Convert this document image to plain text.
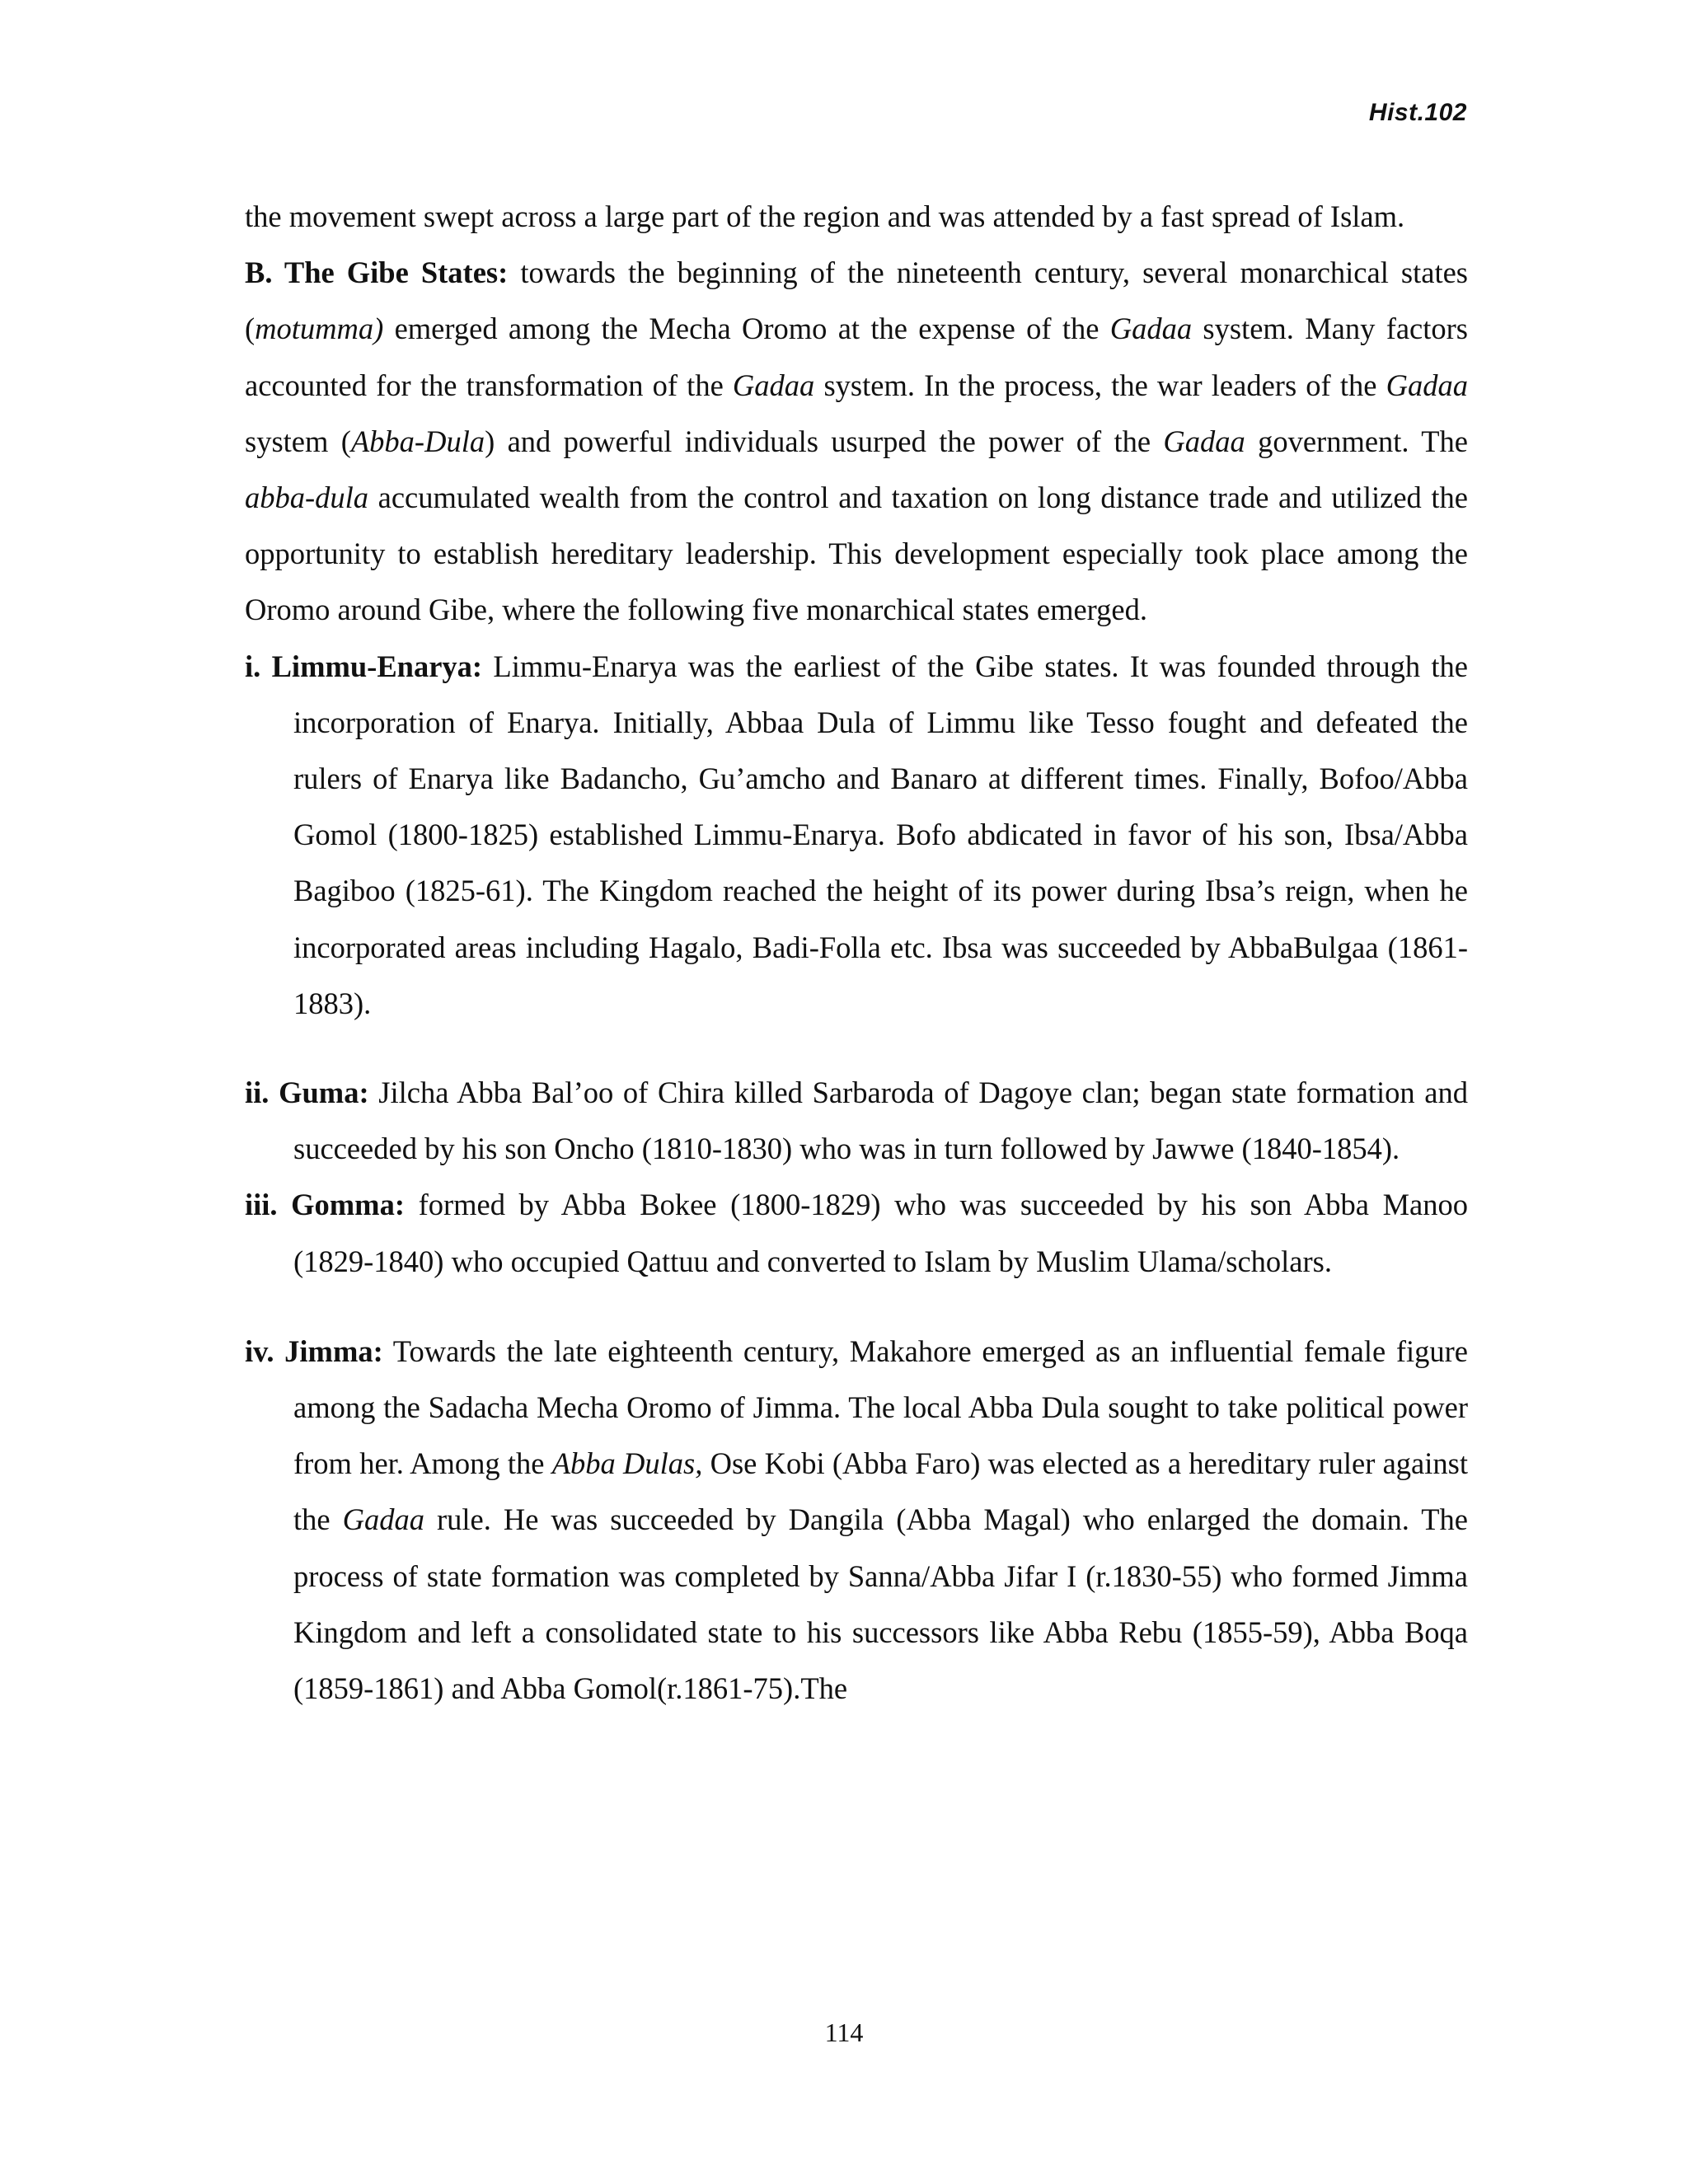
Hist.102

the movement swept across a large part of the region and was attended by a fast spread of Islam.

B. The Gibe States: towards the beginning of the nineteenth century, several monarchical states (motumma) emerged among the Mecha Oromo at the expense of the Gadaa system. Many factors accounted for the transformation of the Gadaa system. In the process, the war leaders of the Gadaa system (Abba-Dula) and powerful individuals usurped the power of the Gadaa government. The abba-dula accumulated wealth from the control and taxation on long distance trade and utilized the opportunity to establish hereditary leadership. This development especially took place among the Oromo around Gibe, where the following five monarchical states emerged.

i. Limmu-Enarya: Limmu-Enarya was the earliest of the Gibe states. It was founded through the incorporation of Enarya. Initially, Abbaa Dula of Limmu like Tesso fought and defeated the rulers of Enarya like Badancho, Gu’amcho and Banaro at different times. Finally, Bofoo/Abba Gomol (1800-1825) established Limmu-Enarya. Bofo abdicated in favor of his son, Ibsa/Abba Bagiboo (1825-61). The Kingdom reached the height of its power during Ibsa’s reign, when he incorporated areas including Hagalo, Badi-Folla etc. Ibsa was succeeded by AbbaBulgaa (1861-1883).

ii. Guma: Jilcha Abba Bal’oo of Chira killed Sarbaroda of Dagoye clan; began state formation and succeeded by his son Oncho (1810-1830) who was in turn followed by Jawwe (1840-1854).

iii. Gomma: formed by Abba Bokee (1800-1829) who was succeeded by his son Abba Manoo (1829-1840) who occupied Qattuu and converted to Islam by Muslim Ulama/scholars.

iv. Jimma: Towards the late eighteenth century, Makahore emerged as an influential female figure among the Sadacha Mecha Oromo of Jimma. The local Abba Dula sought to take political power from her. Among the Abba Dulas, Ose Kobi (Abba Faro) was elected as a hereditary ruler against the Gadaa rule. He was succeeded by Dangila (Abba Magal) who enlarged the domain. The process of state formation was completed by Sanna/Abba Jifar I (r.1830-55) who formed Jimma Kingdom and left a consolidated state to his successors like Abba Rebu (1855-59), Abba Boqa (1859-1861) and Abba Gomol(r.1861-75).The

114
